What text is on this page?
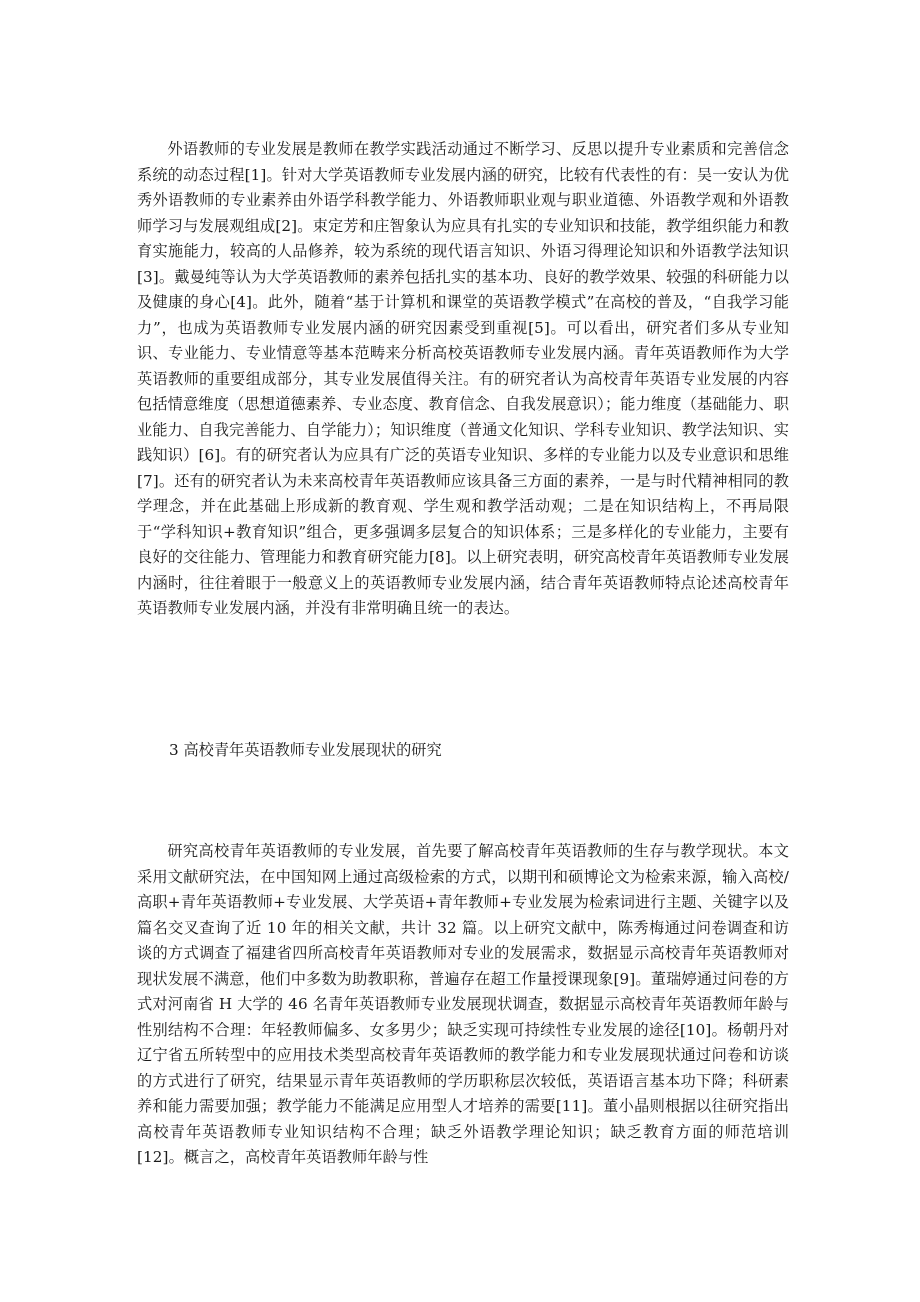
外语教师的专业发展是教师在教学实践活动通过不断学习、反思以提升专业素质和完善信念系统的动态过程[1]。针对大学英语教师专业发展内涵的研究，比较有代表性的有：吴一安认为优秀外语教师的专业素养由外语学科教学能力、外语教师职业观与职业道德、外语教学观和外语教师学习与发展观组成[2]。束定芳和庄智象认为应具有扎实的专业知识和技能，教学组织能力和教育实施能力，较高的人品修养，较为系统的现代语言知识、外语习得理论知识和外语教学法知识[3]。戴曼纯等认为大学英语教师的素养包括扎实的基本功、良好的教学效果、较强的科研能力以及健康的身心[4]。此外，随着“基于计算机和课堂的英语教学模式”在高校的普及，“自我学习能力”，也成为英语教师专业发展内涵的研究因素受到重视[5]。可以看出，研究者们多从专业知识、专业能力、专业情意等基本范畴来分析高校英语教师专业发展内涵。青年英语教师作为大学英语教师的重要组成部分，其专业发展值得关注。有的研究者认为高校青年英语专业发展的内容包括情意维度（思想道德素养、专业态度、教育信念、自我发展意识）；能力维度（基础能力、职业能力、自我完善能力、自学能力）；知识维度（普通文化知识、学科专业知识、教学法知识、实践知识）[6]。有的研究者认为应具有广泛的英语专业知识、多样的专业能力以及专业意识和思维[7]。还有的研究者认为未来高校青年英语教师应该具备三方面的素养，一是与时代精神相同的教学理念，并在此基础上形成新的教育观、学生观和教学活动观；二是在知识结构上，不再局限于“学科知识+教育知识”组合，更多强调多层复合的知识体系；三是多样化的专业能力，主要有良好的交往能力、管理能力和教育研究能力[8]。以上研究表明，研究高校青年英语教师专业发展内涵时，往往着眼于一般意义上的英语教师专业发展内涵，结合青年英语教师特点论述高校青年英语教师专业发展内涵，并没有非常明确且统一的表达。

3 高校青年英语教师专业发展现状的研究

研究高校青年英语教师的专业发展，首先要了解高校青年英语教师的生存与教学现状。本文采用文献研究法，在中国知网上通过高级检索的方式，以期刊和硕博论文为检索来源，输入高校/高职+青年英语教师+专业发展、大学英语+青年教师+专业发展为检索词进行主题、关键字以及篇名交叉查询了近 10 年的相关文献，共计 32 篇。以上研究文献中，陈秀梅通过问卷调查和访谈的方式调查了福建省四所高校青年英语教师对专业的发展需求，数据显示高校青年英语教师对现状发展不满意，他们中多数为助教职称，普遍存在超工作量授课现象[9]。董瑞婷通过问卷的方式对河南省 H 大学的 46 名青年英语教师专业发展现状调查，数据显示高校青年英语教师年龄与性别结构不合理：年轻教师偏多、女多男少；缺乏实现可持续性专业发展的途径[10]。杨朝丹对辽宁省五所转型中的应用技术类型高校青年英语教师的教学能力和专业发展现状通过问卷和访谈的方式进行了研究，结果显示青年英语教师的学历职称层次较低，英语语言基本功下降；科研素养和能力需要加强；教学能力不能满足应用型人才培养的需要[11]。董小晶则根据以往研究指出高校青年英语教师专业知识结构不合理；缺乏外语教学理论知识；缺乏教育方面的师范培训[12]。概言之，高校青年英语教师年龄与性
